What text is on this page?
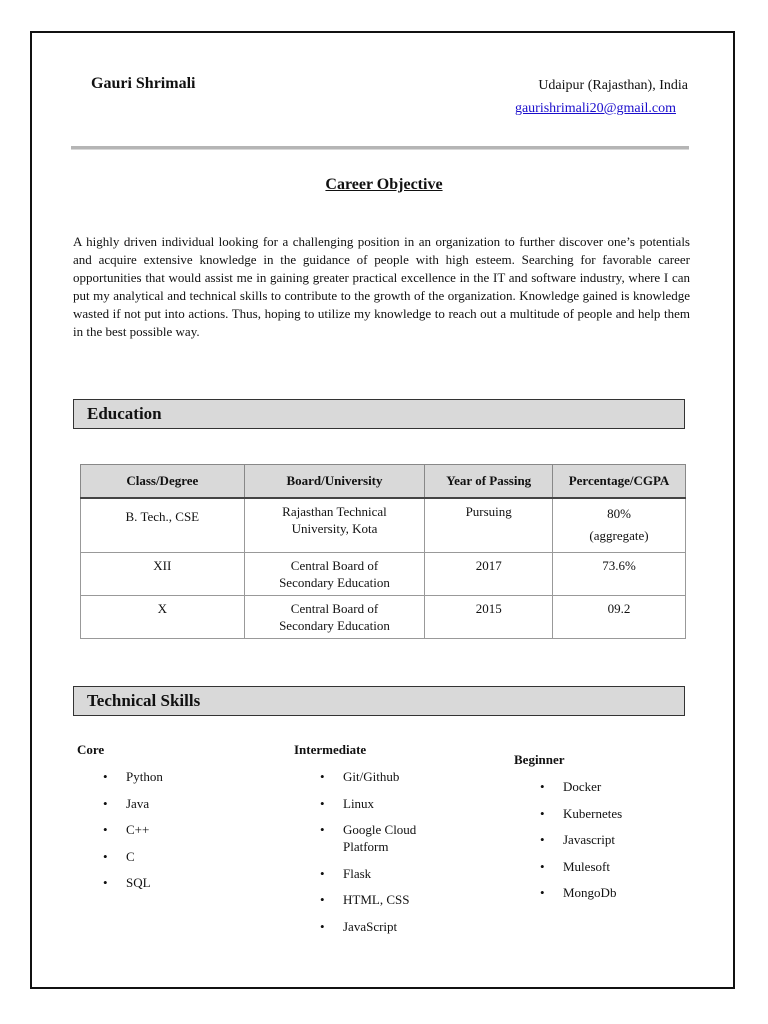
Gauri Shrimali	Udaipur (Rajasthan), India
gaurishrimali20@gmail.com
Career Objective
A highly driven individual looking for a challenging position in an organization to further discover one’s potentials and acquire extensive knowledge in the guidance of people with high esteem. Searching for favorable career opportunities that would assist me in gaining greater practical excellence in the IT and software industry, where I can put my analytical and technical skills to contribute to the growth of the organization. Knowledge gained is knowledge wasted if not put into actions. Thus, hoping to utilize my knowledge to reach out a multitude of people and help them in the best possible way.
Education
Class/Degree	Board/University	Year of Passing	Percentage/CGPA
B. Tech., CSE	Rajasthan Technical University, Kota	Pursuing	80% (aggregate)
XII	Central Board of Secondary Education	2017	73.6%
X	Central Board of Secondary Education	2015	09.2
Technical Skills
Core
• Python
• Java
• C++
• C
• SQL
Intermediate
• Git/Github
• Linux
• Google Cloud Platform
• Flask
• HTML, CSS
• JavaScript
Beginner
• Docker
• Kubernetes
• Javascript
• Mulesoft
• MongoDb
